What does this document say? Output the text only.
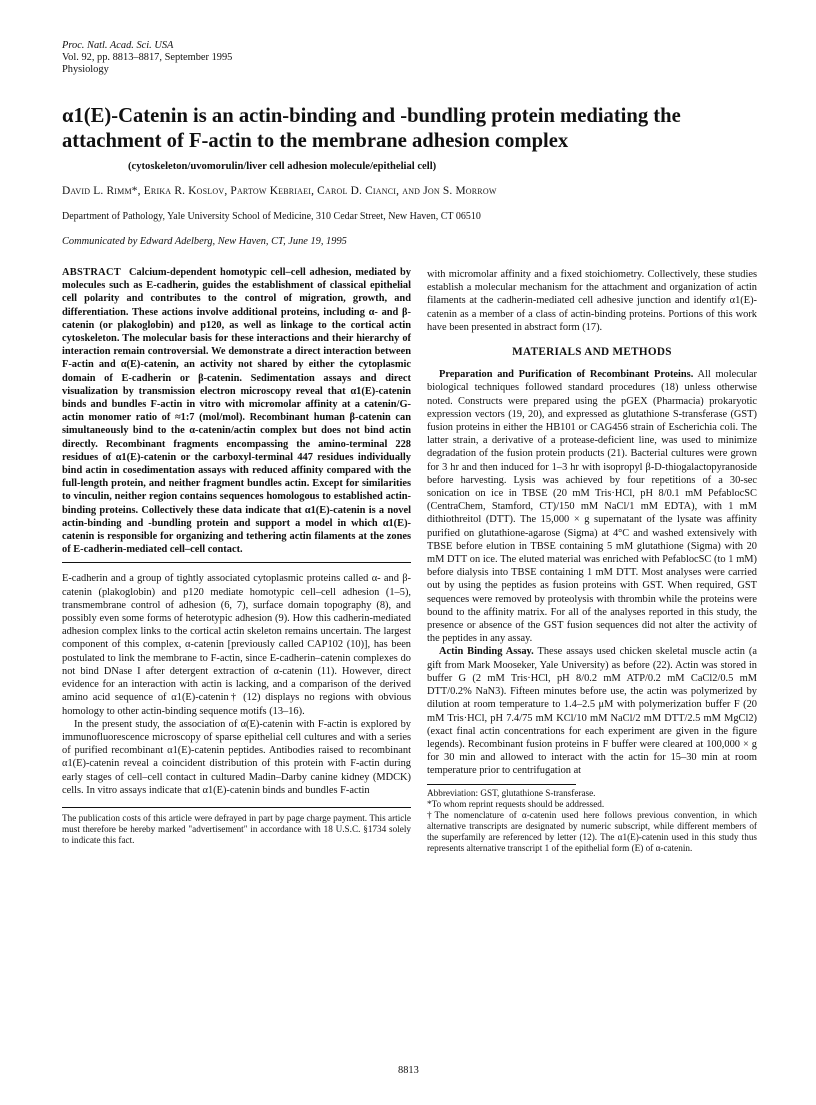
Proc. Natl. Acad. Sci. USA
Vol. 92, pp. 8813–8817, September 1995
Physiology
α1(E)-Catenin is an actin-binding and -bundling protein mediating the attachment of F-actin to the membrane adhesion complex
(cytoskeleton/uvomorulin/liver cell adhesion molecule/epithelial cell)
David L. Rimm*, Erika R. Koslov, Partow Kebriaei, Carol D. Cianci, and Jon S. Morrow
Department of Pathology, Yale University School of Medicine, 310 Cedar Street, New Haven, CT 06510
Communicated by Edward Adelberg, New Haven, CT, June 19, 1995

ABSTRACT Calcium-dependent homotypic cell–cell adhesion, mediated by molecules such as E-cadherin, guides the establishment of classical epithelial cell polarity and contributes to the control of migration, growth, and differentiation. These actions involve additional proteins, including α- and β-catenin (or plakoglobin) and p120, as well as linkage to the cortical actin cytoskeleton. The molecular basis for these interactions and their hierarchy of interaction remain controversial. We demonstrate a direct interaction between F-actin and α(E)-catenin, an activity not shared by either the cytoplasmic domain of E-cadherin or β-catenin. Sedimentation assays and direct visualization by transmission electron microscopy reveal that α1(E)-catenin binds and bundles F-actin in vitro with micromolar affinity at a catenin/G-actin monomer ratio of ≈1:7 (mol/mol). Recombinant human β-catenin can simultaneously bind to the α-catenin/actin complex but does not bind actin directly. Recombinant fragments encompassing the amino-terminal 228 residues of α1(E)-catenin or the carboxyl-terminal 447 residues individually bind actin in cosedimentation assays with reduced affinity compared with the full-length protein, and neither fragment bundles actin. Except for similarities to vinculin, neither region contains sequences homologous to established actin-binding proteins. Collectively these data indicate that α1(E)-catenin is a novel actin-binding and -bundling protein and support a model in which α1(E)-catenin is responsible for organizing and tethering actin filaments at the zones of E-cadherin-mediated cell–cell contact.

E-cadherin and a group of tightly associated cytoplasmic proteins called α- and β-catenin (plakoglobin) and p120 mediate homotypic cell–cell adhesion (1–5), transmembrane control of adhesion (6, 7), surface domain topography (8), and possibly even some forms of heterotypic adhesion (9). How this cadherin-mediated adhesion complex links to the cortical actin skeleton remains uncertain. The largest component of this complex, α-catenin [previously called CAP102 (10)], has been postulated to link the membrane to F-actin, since E-cadherin–catenin complexes do not bind DNase I after detergent extraction of α-catenin (11). However, direct evidence for an interaction with actin is lacking, and a comparison of the derived amino acid sequence of α1(E)-catenin† (12) displays no regions with obvious homology to other actin-binding sequence motifs (13–16).

In the present study, the association of α(E)-catenin with F-actin is explored by immunofluorescence microscopy of sparse epithelial cell cultures and with a series of purified recombinant α1(E)-catenin peptides. Antibodies raised to recombinant α1(E)-catenin reveal a coincident distribution of this protein with F-actin during early stages of cell–cell contact in cultured Madin–Darby canine kidney (MDCK) cells. In vitro assays indicate that α1(E)-catenin binds and bundles F-actin

The publication costs of this article were defrayed in part by page charge payment. This article must therefore be hereby marked "advertisement" in accordance with 18 U.S.C. §1734 solely to indicate this fact.

with micromolar affinity and a fixed stoichiometry. Collectively, these studies establish a molecular mechanism for the attachment and organization of actin filaments at the cadherin-mediated cell adhesive junction and identify α1(E)-catenin as a member of a class of actin-binding proteins. Portions of this work have been presented in abstract form (17).

MATERIALS AND METHODS

Preparation and Purification of Recombinant Proteins. All molecular biological techniques followed standard procedures (18) unless otherwise noted. Constructs were prepared using the pGEX (Pharmacia) prokaryotic expression vectors (19, 20), and expressed as glutathione S-transferase (GST) fusion proteins in either the HB101 or CAG456 strain of Escherichia coli. The latter strain, a derivative of a protease-deficient line, was used to minimize degradation of the fusion protein products (21). Bacterial cultures were grown for 3 hr and then induced for 1–3 hr with isopropyl β-D-thiogalactopyranoside before harvesting. Lysis was achieved by four repetitions of a 30-sec sonication on ice in TBSE (20 mM Tris·HCl, pH 8/0.1 mM PefablocSC (CentraChem, Stamford, CT)/150 mM NaCl/1 mM EDTA), with 1 mM dithiothreitol (DTT). The 15,000 × g supernatant of the lysate was affinity purified on glutathione-agarose (Sigma) at 4°C and washed extensively with TBSE before elution in TBSE containing 5 mM glutathione (Sigma) with 20 mM DTT on ice. The eluted material was enriched with PefablocSC (to 1 mM) before dialysis into TBSE containing 1 mM DTT. Most analyses were carried out by using the peptides as fusion proteins with GST. When required, GST sequences were removed by proteolysis with thrombin while the proteins were bound to the affinity matrix. For all of the analyses reported in this study, the presence or absence of the GST fusion sequences did not alter the activity of the peptides in any assay.

Actin Binding Assay. These assays used chicken skeletal muscle actin (a gift from Mark Mooseker, Yale University) as before (22). Actin was stored in buffer G (2 mM Tris·HCl, pH 8/0.2 mM ATP/0.2 mM CaCl2/0.5 mM DTT/0.2% NaN3). Fifteen minutes before use, the actin was polymerized by dilution at room temperature to 1.4–2.5 μM with polymerization buffer F (20 mM Tris·HCl, pH 7.4/75 mM KCl/10 mM NaCl/2 mM DTT/2.5 mM MgCl2) (exact final actin concentrations for each experiment are given in the figure legends). Recombinant fusion proteins in F buffer were cleared at 100,000 × g for 30 min and allowed to interact with the actin for 15–30 min at room temperature prior to centrifugation at

Abbreviation: GST, glutathione S-transferase.
*To whom reprint requests should be addressed.
†The nomenclature of α-catenin used here follows previous convention, in which alternative transcripts are designated by numeric subscript, while different members of the superfamily are referenced by letter (12). The α1(E)-catenin used in this study thus represents alternative transcript 1 of the epithelial form (E) of α-catenin.
8813
